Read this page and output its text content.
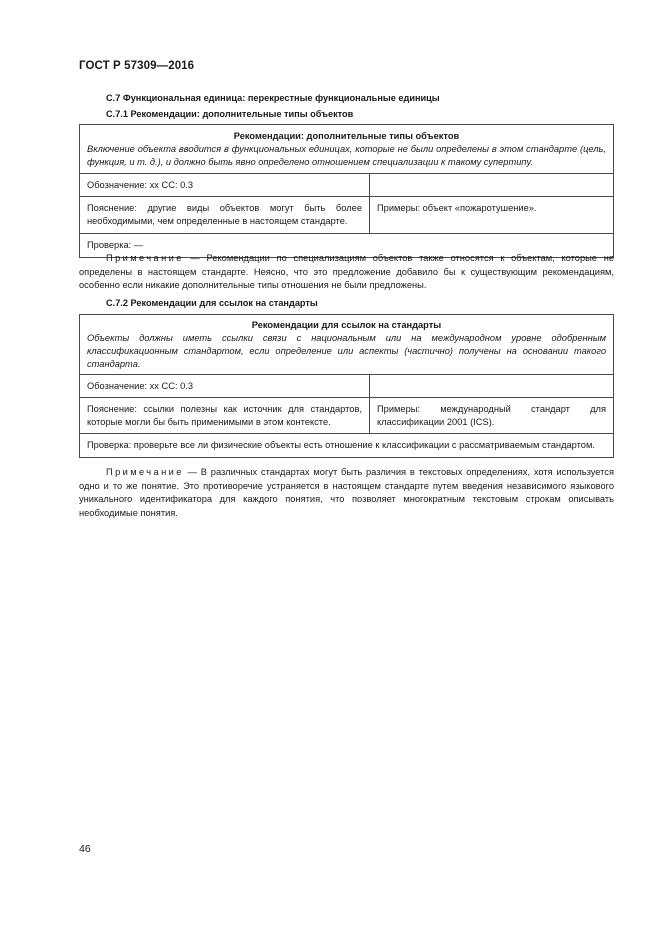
ГОСТ Р 57309—2016
С.7 Функциональная единица: перекрестные функциональные единицы
С.7.1 Рекомендации: дополнительные типы объектов
Рекомендации: дополнительные типы объектов
Включение объекта вводится в функциональных единицах, которые не были определены в этом стандарте (цель, функция, и т. д.), и должно быть явно определено отношением специализации к такому супертипу.
Обозначение: xx CC: 0.3
Пояснение: другие виды объектов могут быть более необходимыми, чем определенные в настоящем стандарте.
Примеры: объект «пожаротушение».
Проверка: —
Примечание — Рекомендации по специализациям объектов также относятся к объектам, которые не определены в настоящем стандарте. Неясно, что это предложение добавило бы к существующим рекомендациям, особенно если никакие дополнительные типы отношения не были предложены.
С.7.2 Рекомендации для ссылок на стандарты
Рекомендации для ссылок на стандарты
Объекты должны иметь ссылки связи с национальным или на международном уровне одобренным классификационным стандартом, если определение или аспекты (частично) получены на основании такого стандарта.
Обозначение: xx CC: 0.3
Пояснение: ссылки полезны как источник для стандартов, которые могли бы быть применимыми в этом контексте.
Примеры: международный стандарт для классификации 2001 (ICS).
Проверка: проверьте все ли физические объекты есть отношение к классификации с рассматриваемым стандартом.
Примечание — В различных стандартах могут быть различия в текстовых определениях, хотя используется одно и то же понятие. Это противоречие устраняется в настоящем стандарте путем введения независимого языкового уникального идентификатора для каждого понятия, что позволяет многократным текстовым строкам описывать необходимые понятия.
46
